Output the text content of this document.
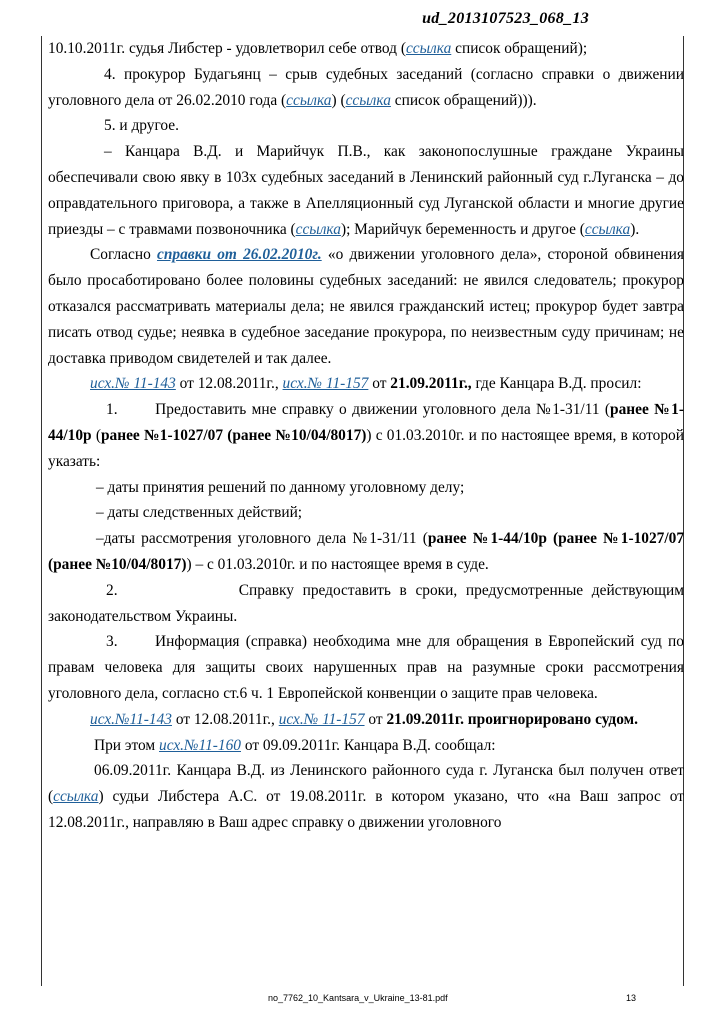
ud_2013107523_068_13

10.10.2011г. судья Либстер - удовлетворил себе отвод (ссылка список обращений);

4. прокурор Будагьянц – срыв судебных заседаний (согласно справки о движении уголовного дела от 26.02.2010 года (ссылка) (ссылка список обращений))).

5. и другое.

– Канцара В.Д. и Марийчук П.В., как законопослушные граждане Украины обеспечивали свою явку в 103х судебных заседаний в Ленинский районный суд г.Луганска – до оправдательного приговора, а также в Апелляционный суд Луганской области и многие другие приезды – с травмами позвоночника (ссылка); Марийчук беременность и другое (ссылка).

Согласно справки от 26.02.2010г. «о движении уголовного дела», стороной обвинения было просаботировано более половины судебных заседаний: не явился следователь; прокурор отказался рассматривать материалы дела; не явился гражданский истец; прокурор будет завтра писать отвод судье; неявка в судебное заседание прокурора, по неизвестным суду причинам; не доставка приводом свидетелей и так далее.

исх.№ 11-143 от 12.08.2011г., исх.№ 11-157 от 21.09.2011г., где Канцара В.Д. просил:

1. Предоставить мне справку о движении уголовного дела №1-31/11 (ранее №1-44/10р (ранее №1-1027/07 (ранее №10/04/8017)) с 01.03.2010г. и по настоящее время, в которой указать:

– даты принятия решений по данному уголовному делу;

– даты следственных действий;

–даты рассмотрения уголовного дела №1-31/11 (ранее №1-44/10р (ранее №1-1027/07 (ранее №10/04/8017)) – с 01.03.2010г. и по настоящее время в суде.

2.	Справку предоставить в сроки, предусмотренные действующим законодательством Украины.

3. Информация (справка) необходима мне для обращения в Европейский суд по правам человека для защиты своих нарушенных прав на разумные сроки рассмотрения уголовного дела, согласно ст.6 ч. 1 Европейской конвенции о защите прав человека.

исх.№11-143 от 12.08.2011г., исх.№ 11-157 от 21.09.2011г. проигнорировано судом.

При этом исх.№11-160 от 09.09.2011г. Канцара В.Д. сообщал:

06.09.2011г. Канцара В.Д. из Ленинского районного суда г. Луганска был получен ответ (ссылка) судьи Либстера А.С. от 19.08.2011г. в котором указано, что «на Ваш запрос от 12.08.2011г., направляю в Ваш адрес справку о движении уголовного

no_7762_10_Kantsara_v_Ukraine_13-81.pdf	13
